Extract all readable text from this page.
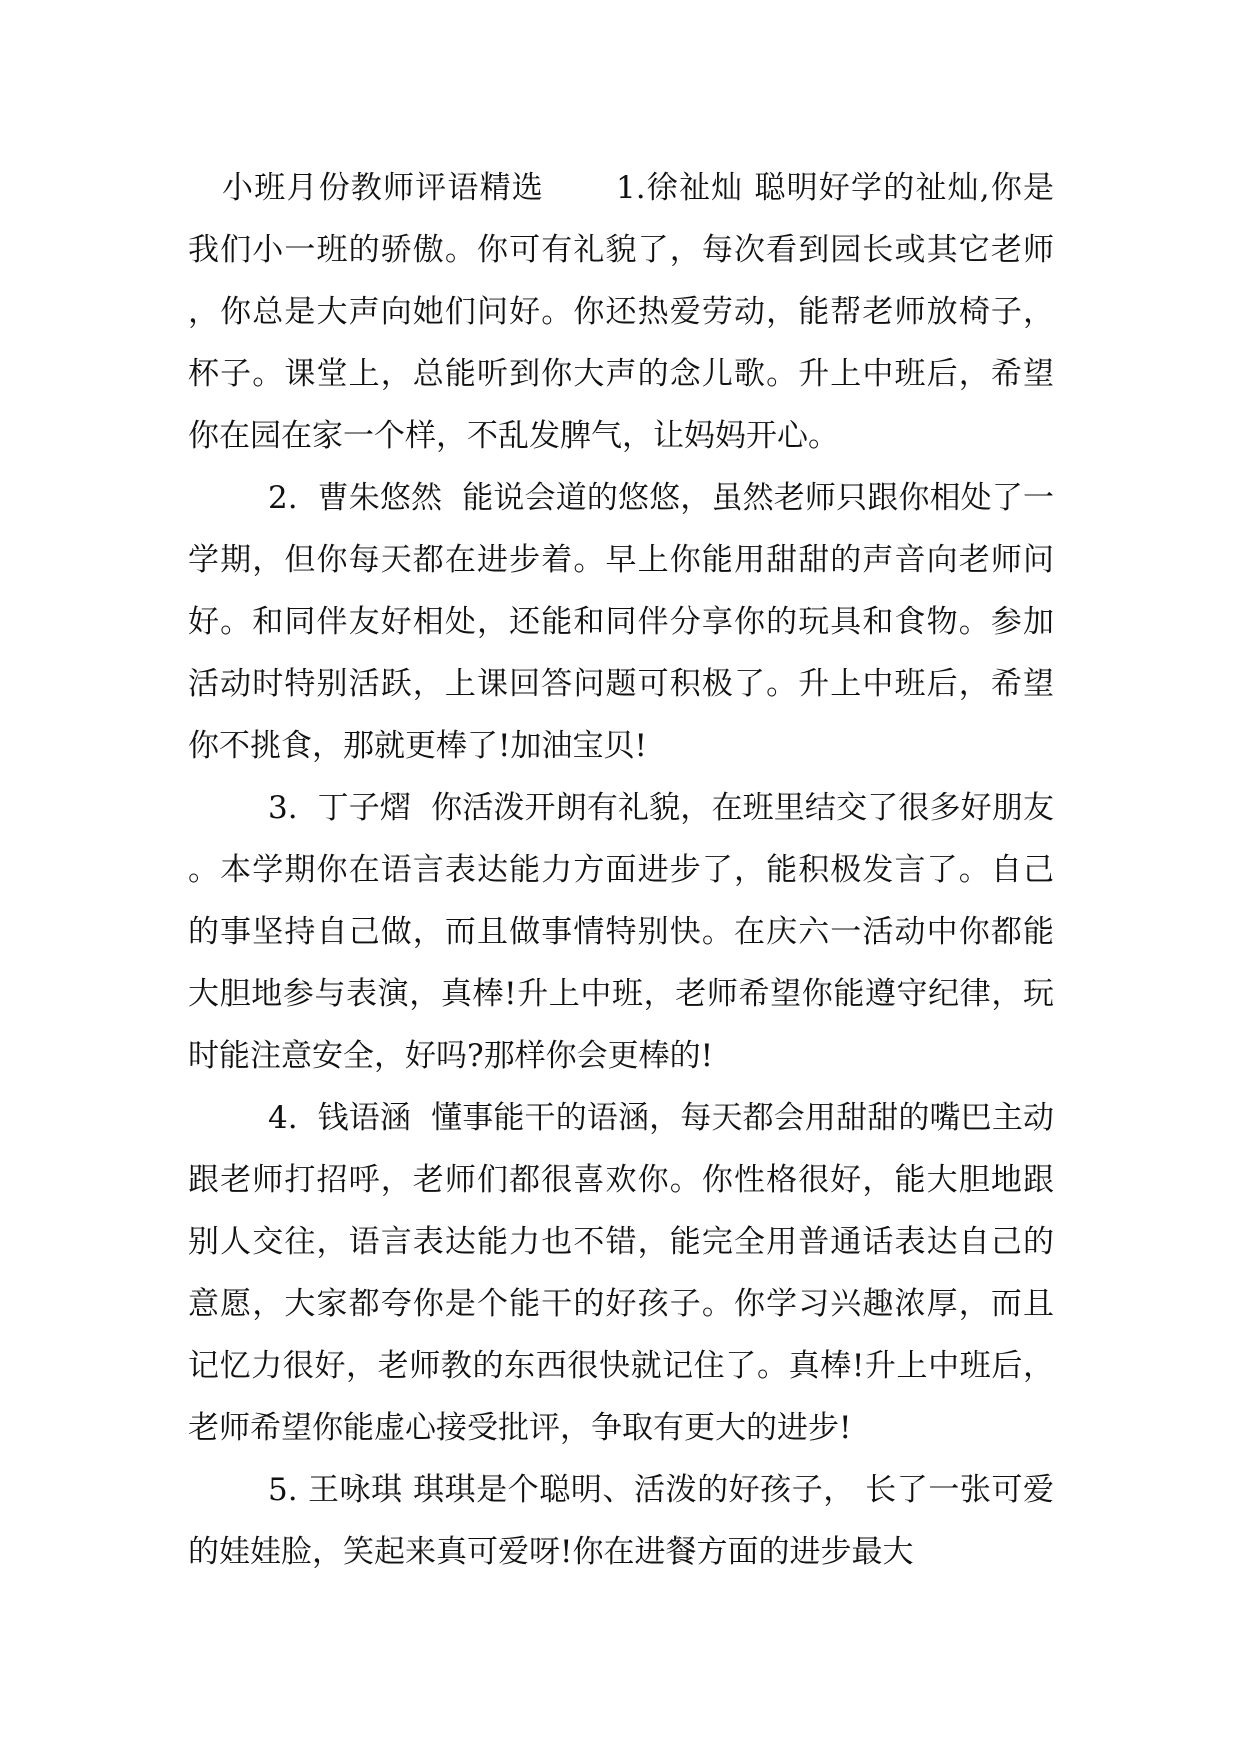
小班月份教师评语精选 1.徐祉灿 聪明好学的祉灿,你是我们小一班的骄傲。你可有礼貌了，每次看到园长或其它老师，你总是大声向她们问好。你还热爱劳动，能帮老师放椅子，杯子。课堂上，总能听到你大声的念儿歌。升上中班后，希望你在园在家一个样，不乱发脾气，让妈妈开心。

2. 曹朱悠然 能说会道的悠悠，虽然老师只跟你相处了一学期，但你每天都在进步着。早上你能用甜甜的声音向老师问好。和同伴友好相处，还能和同伴分享你的玩具和食物。参加活动时特别活跃，上课回答问题可积极了。升上中班后，希望你不挑食，那就更棒了!加油宝贝!

3. 丁子熠 你活泼开朗有礼貌，在班里结交了很多好朋友。本学期你在语言表达能力方面进步了，能积极发言了。自己的事坚持自己做，而且做事情特别快。在庆六一活动中你都能大胆地参与表演，真棒!升上中班，老师希望你能遵守纪律，玩时能注意安全，好吗?那样你会更棒的!

4. 钱语涵 懂事能干的语涵，每天都会用甜甜的嘴巴主动跟老师打招呼，老师们都很喜欢你。你性格很好，能大胆地跟别人交往，语言表达能力也不错，能完全用普通话表达自己的意愿，大家都夸你是个能干的好孩子。你学习兴趣浓厚，而且记忆力很好，老师教的东西很快就记住了。真棒!升上中班后，老师希望你能虚心接受批评，争取有更大的进步!

5. 王咏琪 琪琪是个聪明、活泼的好孩子， 长了一张可爱的娃娃脸，笑起来真可爱呀!你在进餐方面的进步最大
